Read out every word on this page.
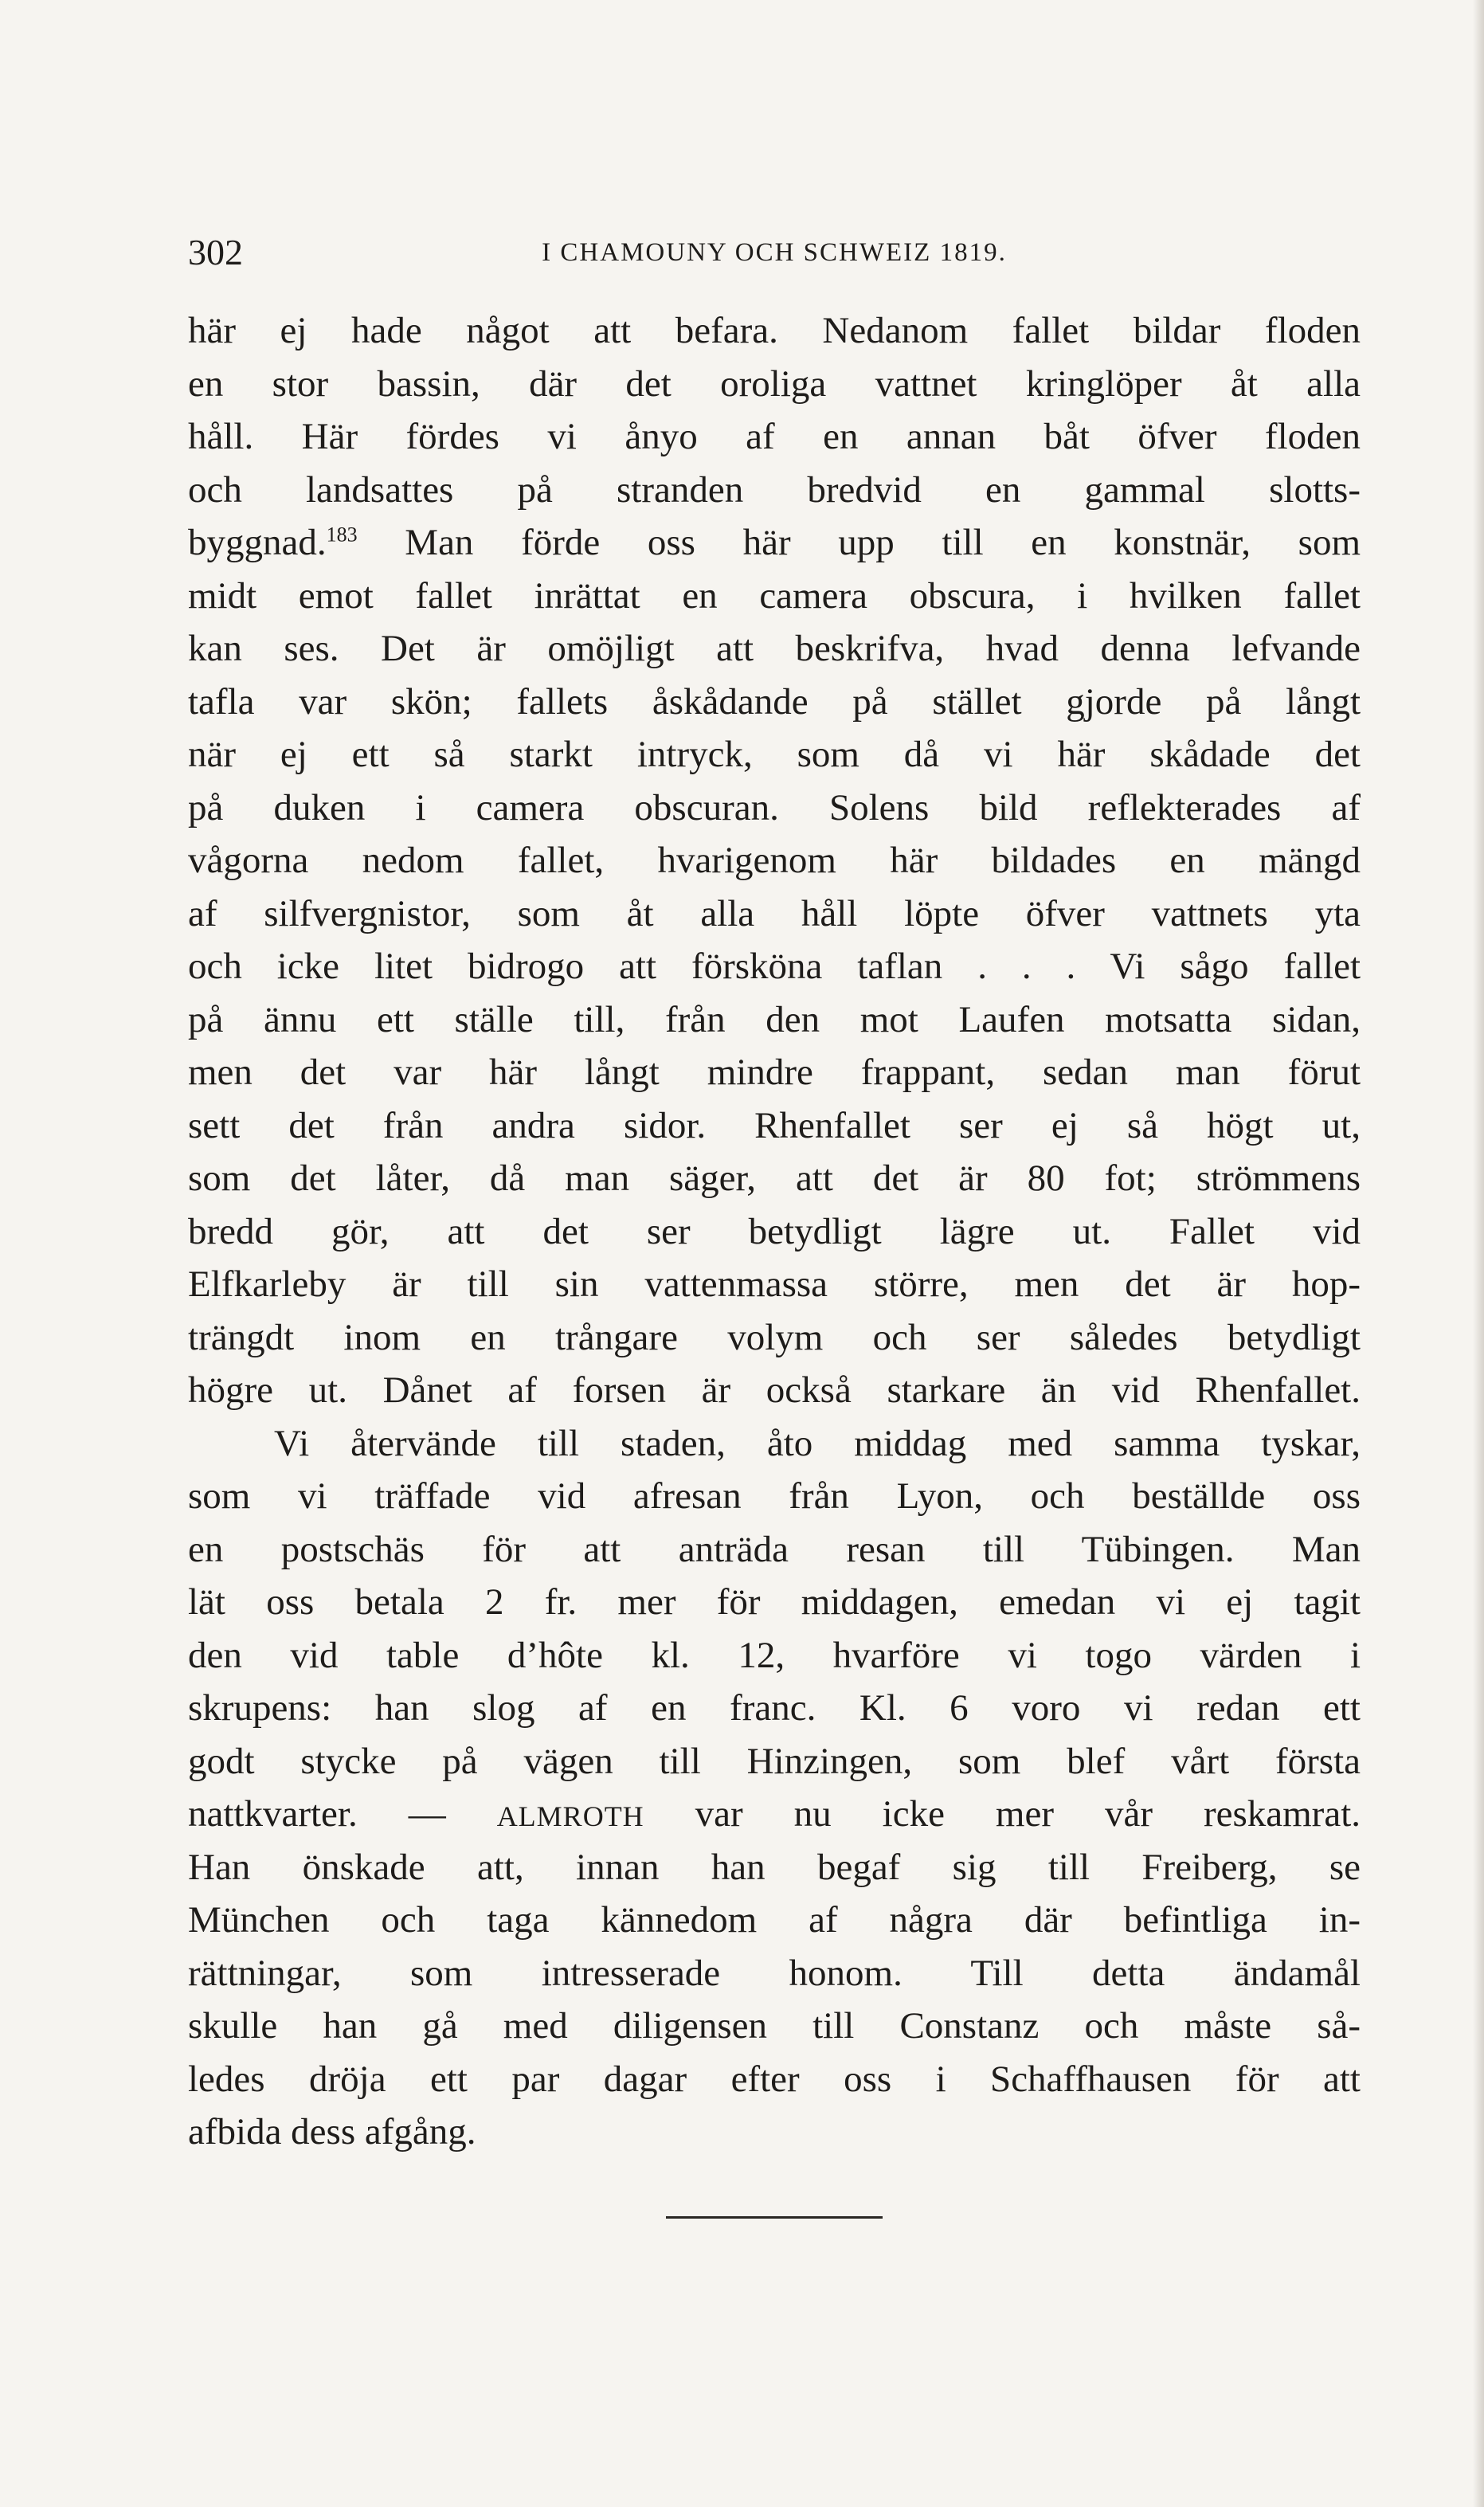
302	I CHAMOUNY OCH SCHWEIZ 1819.
här ej hade något att befara. Nedanom fallet bildar floden
en stor bassin, där det oroliga vattnet kringlöper åt alla
håll. Här fördes vi ånyo af en annan båt öfver floden
och landsattes på stranden bredvid en gammal slotts-
byggnad.$^{183}$ Man förde oss här upp till en konstnär, som
midt emot fallet inrättat en camera obscura, i hvilken fallet
kan ses. Det är omöjligt att beskrifva, hvad denna lefvande
tafla var skön; fallets åskådande på stället gjorde på långt
när ej ett så starkt intryck, som då vi här skådade det
på duken i camera obscuran. Solens bild reflekterades af
vågorna nedom fallet, hvarigenom här bildades en mängd
af silfvergnistor, som åt alla håll löpte öfver vattnets yta
och icke litet bidrogo att försköna taflan . . . Vi sågo fallet
på ännu ett ställe till, från den mot Laufen motsatta sidan,
men det var här långt mindre frappant, sedan man förut
sett det från andra sidor. Rhenfallet ser ej så högt ut,
som det låter, då man säger, att det är 80 fot; strömmens
bredd gör, att det ser betydligt lägre ut. Fallet vid
Elfkarleby är till sin vattenmassa större, men det är hop-
trängdt inom en trångare volym och ser således betydligt
högre ut. Dånet af forsen är också starkare än vid Rhenfallet.
Vi återvände till staden, åto middag med samma tyskar,
som vi träffade vid afresan från Lyon, och beställde oss
en postschäs för att anträda resan till Tübingen. Man
lät oss betala 2 fr. mer för middagen, emedan vi ej tagit
den vid table d’hôte kl. 12, hvarföre vi togo värden i
skrupens: han slog af en franc. Kl. 6 voro vi redan ett
godt stycke på vägen till Hinzingen, som blef vårt första
nattkvarter. — ALMROTH var nu icke mer vår reskamrat.
Han önskade att, innan han begaf sig till Freiberg, se
München och taga kännedom af några där befintliga in-
rättningar, som intresserade honom. Till detta ändamål
skulle han gå med diligensen till Constanz och måste så-
ledes dröja ett par dagar efter oss i Schaffhausen för att
afbida dess afgång.
